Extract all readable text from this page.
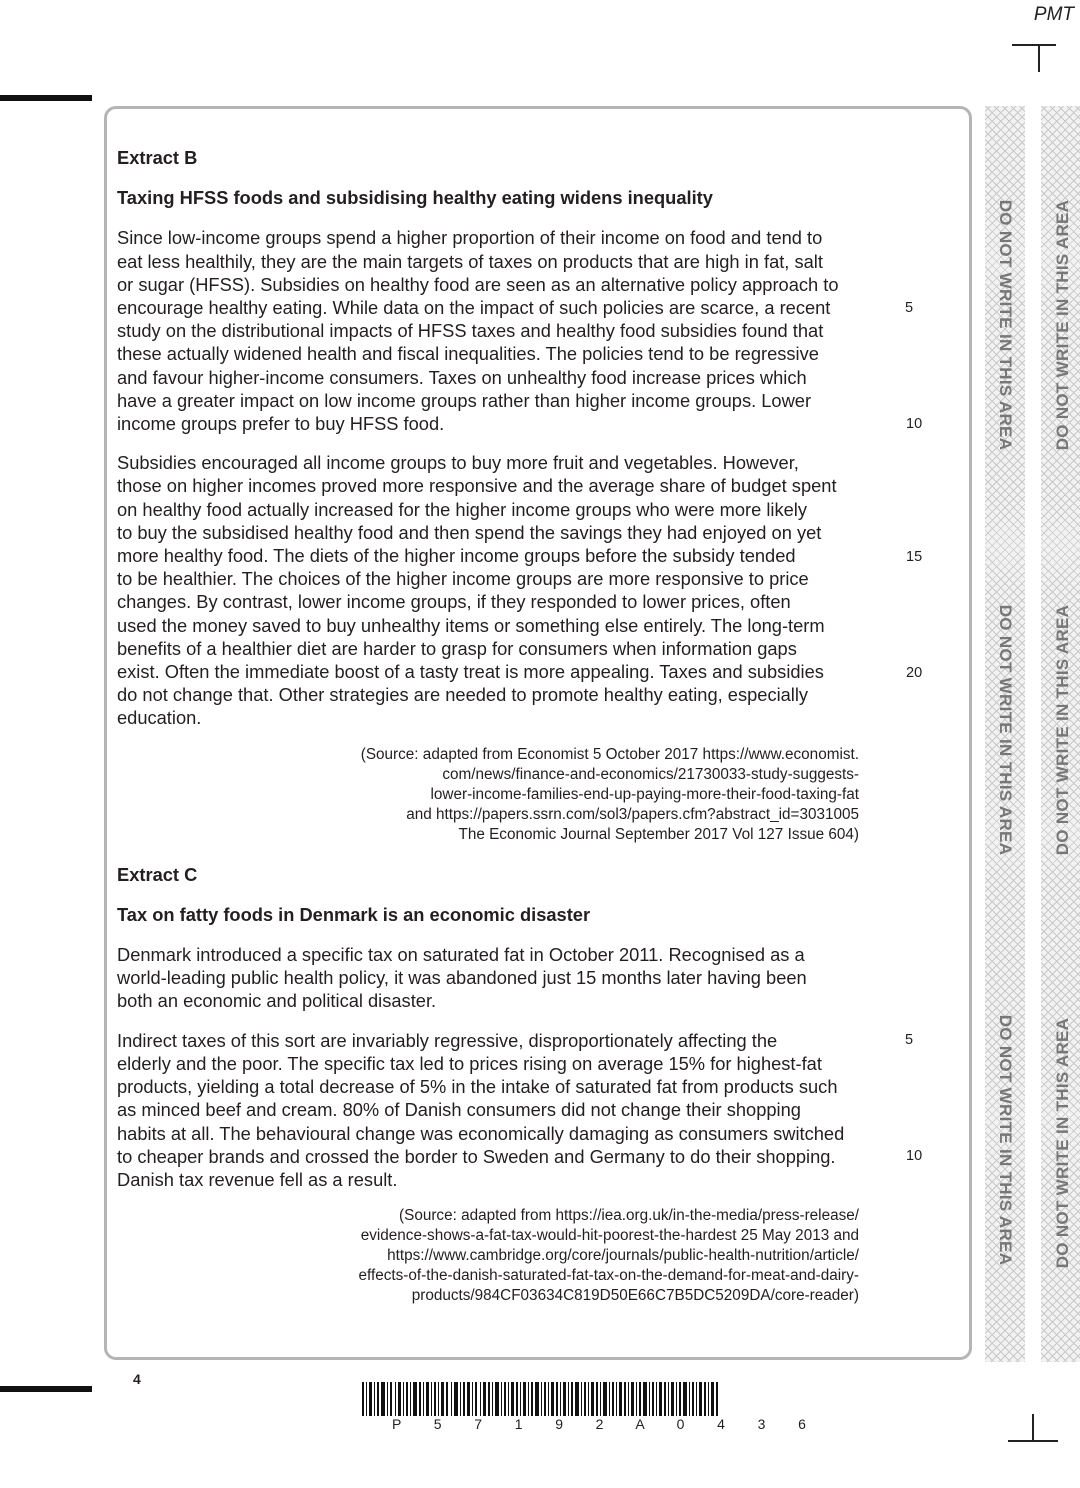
PMT
Extract B
Taxing HFSS foods and subsidising healthy eating widens inequality
Since low-income groups spend a higher proportion of their income on food and tend to
eat less healthily, they are the main targets of taxes on products that are high in fat, salt
or sugar (HFSS). Subsidies on healthy food are seen as an alternative policy approach to
encourage healthy eating. While data on the impact of such policies are scarce, a recent
study on the distributional impacts of HFSS taxes and healthy food subsidies found that
these actually widened health and fiscal inequalities. The policies tend to be regressive
and favour higher-income consumers. Taxes on unhealthy food increase prices which
have a greater impact on low income groups rather than higher income groups. Lower
income groups prefer to buy HFSS food.
Subsidies encouraged all income groups to buy more fruit and vegetables. However,
those on higher incomes proved more responsive and the average share of budget spent
on healthy food actually increased for the higher income groups who were more likely
to buy the subsidised healthy food and then spend the savings they had enjoyed on yet
more healthy food. The diets of the higher income groups before the subsidy tended
to be healthier. The choices of the higher income groups are more responsive to price
changes. By contrast, lower income groups, if they responded to lower prices, often
used the money saved to buy unhealthy items or something else entirely. The long-term
benefits of a healthier diet are harder to grasp for consumers when information gaps
exist. Often the immediate boost of a tasty treat is more appealing. Taxes and subsidies
do not change that. Other strategies are needed to promote healthy eating, especially
education.
(Source: adapted from Economist 5 October 2017 https://www.economist.
com/news/finance-and-economics/21730033-study-suggests-
lower-income-families-end-up-paying-more-their-food-taxing-fat
and https://papers.ssrn.com/sol3/papers.cfm?abstract_id=3031005
The Economic Journal September 2017 Vol 127 Issue 604)
Extract C
Tax on fatty foods in Denmark is an economic disaster
Denmark introduced a specific tax on saturated fat in October 2011. Recognised as a
world-leading public health policy, it was abandoned just 15 months later having been
both an economic and political disaster.
Indirect taxes of this sort are invariably regressive, disproportionately affecting the
elderly and the poor. The specific tax led to prices rising on average 15% for highest-fat
products, yielding a total decrease of 5% in the intake of saturated fat from products such
as minced beef and cream. 80% of Danish consumers did not change their shopping
habits at all. The behavioural change was economically damaging as consumers switched
to cheaper brands and crossed the border to Sweden and Germany to do their shopping.
Danish tax revenue fell as a result.
(Source: adapted from https://iea.org.uk/in-the-media/press-release/
evidence-shows-a-fat-tax-would-hit-poorest-the-hardest 25 May 2013 and
https://www.cambridge.org/core/journals/public-health-nutrition/article/
effects-of-the-danish-saturated-fat-tax-on-the-demand-for-meat-and-dairy-
products/984CF03634C819D50E66C7B5DC5209DA/core-reader)
5
10
15
20
5
10
DO NOT WRITE IN THIS AREA
DO NOT WRITE IN THIS AREA
DO NOT WRITE IN THIS AREA
DO NOT WRITE IN THIS AREA
DO NOT WRITE IN THIS AREA
DO NOT WRITE IN THIS AREA
4
P 5 7 1 9 2 A 0 4 3 6
